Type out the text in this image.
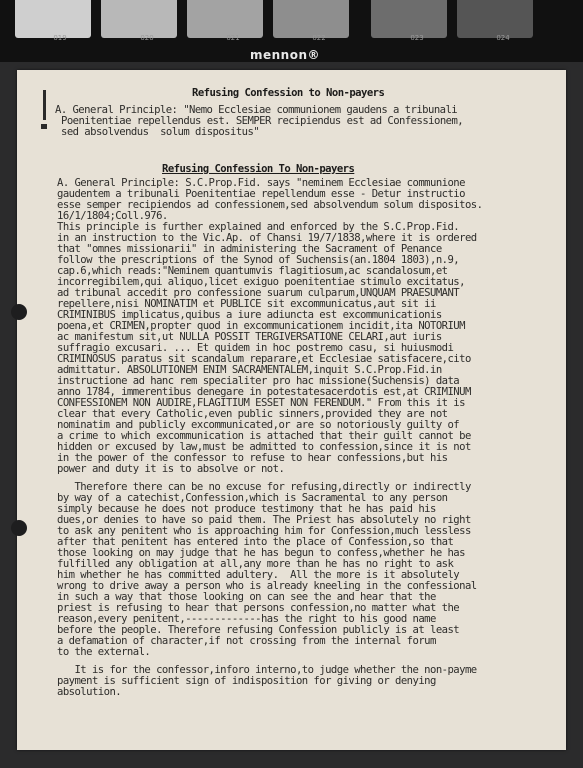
019	020	021	022	023	024
mennon®
Refusing Confession to Non-payers
A. General Principle: "Nemo Ecclesiae communionem gaudens a tribunali
Poenitentiae repellendus est. SEMPER recipiendus est ad Confessionem,
sed absolvendus  solum dispositus"
Refusing Confession To Non-payers
A. General Principle: S.C.Prop.Fid. says "neminem Ecclesiae communione
gaudentem a tribunali Poenitentiae repellendum esse - Detur instructio
esse semper recipiendos ad confessionem,sed absolvendum solum dispositos.
16/1/1804;Coll.976.
This principle is further explained and enforced by the S.C.Prop.Fid.
in an instruction to the Vic.Ap. of Chansi 19/7/1838,where it is ordered
that "omnes missionarii" in administering the Sacrament of Penance
follow the prescriptions of the Synod of Suchensis(an.1804 1803),n.9,
cap.6,which reads:"Neminem quantumvis flagitiosum,ac scandalosum,et
incorregibilem,qui aliquo,licet exiguo poenitentiae stimulo excitatus,
ad tribunal accedit pro confessione suarum culparum,UNQUAM PRAESUMANT
repellere,nisi NOMINATIM et PUBLICE sit excommunicatus,aut sit ii
CRIMINIBUS implicatus,quibus a iure adiuncta est excommunicationis
poena,et CRIMEN,propter quod in excommunicationem incidit,ita NOTORIUM
ac manifestum sit,ut NULLA POSSIT TERGIVERSATIONE CELARI,aut iuris
suffragio excusari. ... Et quidem in hoc postremo casu, si huiusmodi
CRIMINOSUS paratus sit scandalum reparare,et Ecclesiae satisfacere,cito
admittatur. ABSOLUTIONEM ENIM SACRAMENTALEM,inquit S.C.Prop.Fid.in
instructione ad hanc rem specialiter pro hac missione(Suchensis) data
anno 1784, immerentibus denegare in potestatesacerdotis est,at CRIMINUM
CONFESSIONEM NON AUDIRE,FLAGITIUM ESSET NON FERENDUM." From this it is
clear that every Catholic,even public sinners,provided they are not
nominatim and publicly excommunicated,or are so notoriously guilty of
a crime to which excommunication is attached that their guilt cannot be
hidden or excused by law,must be admitted to confession,since it is not
in the power of the confessor to refuse to hear confessions,but his
power and duty it is to absolve or not.
Therefore there can be no excuse for refusing,directly or indirectly
by way of a catechist,Confession,which is Sacramental to any person
simply because he does not produce testimony that he has paid his
dues,or denies to have so paid them. The Priest has absolutely no right
to ask any penitent who is approaching him for Confession,much lessless
after that penitent has entered into the place of Confession,so that
those looking on may judge that he has begun to confess,whether he has
fulfilled any obligation at all,any more than he has no right to ask
him whether he has committed adultery.  All the more is it absolutely
wrong to drive away a person who is already kneeling in the confessional
in such a way that those looking on can see the and hear that the
priest is refusing to hear that persons confession,no matter what the
reason,every penitent,-------------has the right to his good name
before the people. Therefore refusing Confession publicly is at least
a defamation of character,if not crossing from the internal forum
to the external.
It is for the confessor,inforo interno,to judge whether the non-payme
payment is sufficient sign of indisposition for giving or denying
absolution.
